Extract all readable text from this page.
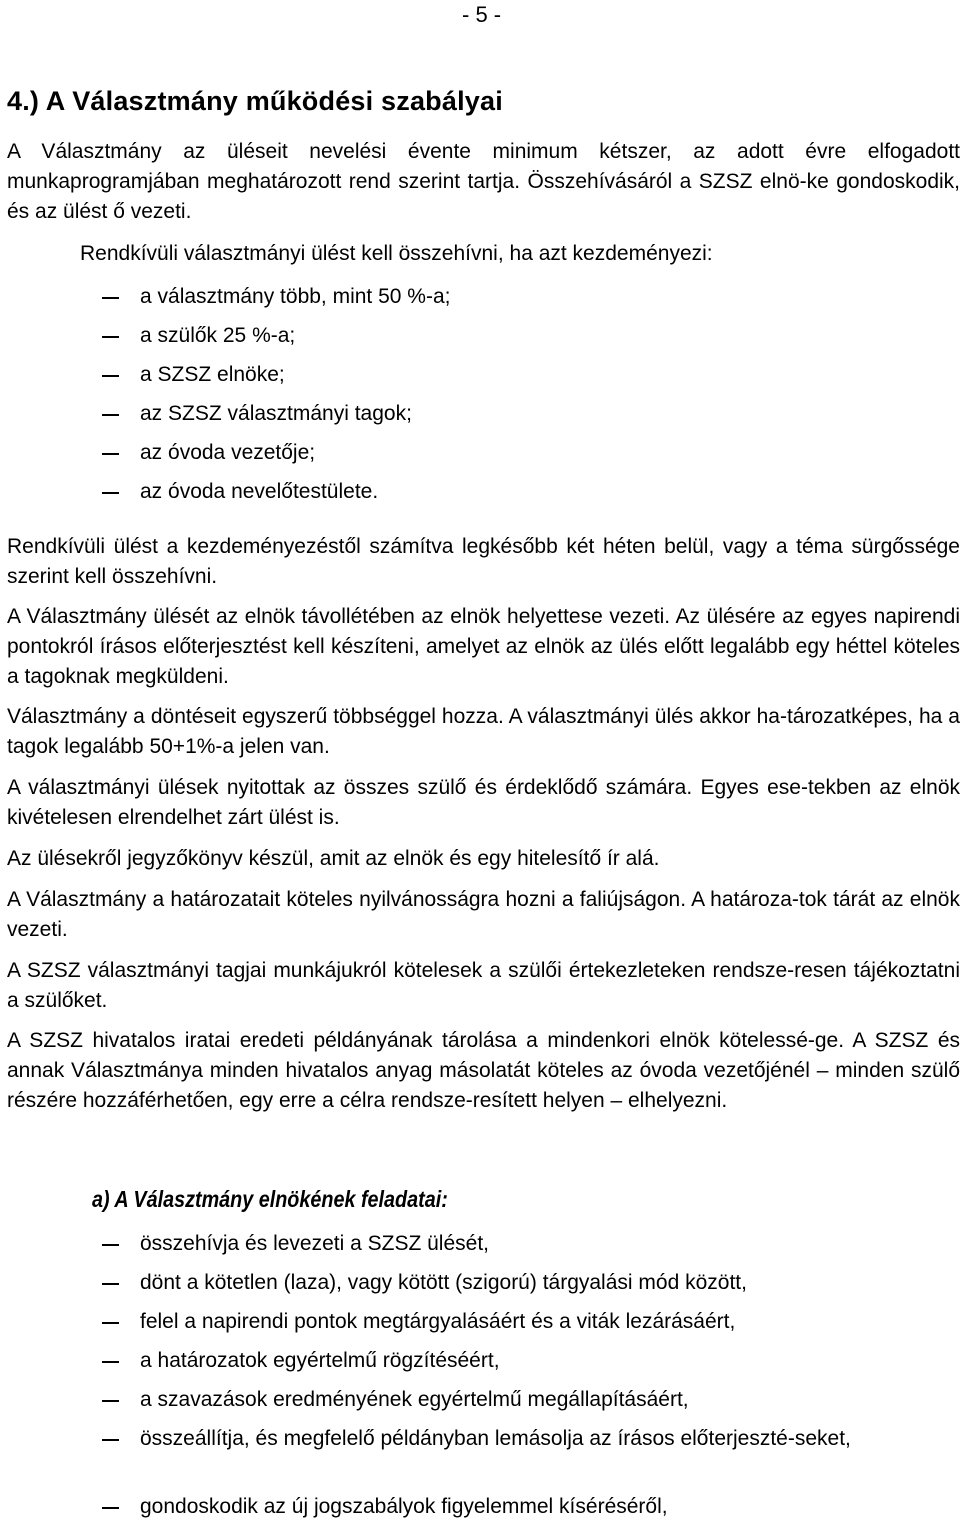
- 5 -
4.) A Választmány működési szabályai
A Választmány az üléseit nevelési évente minimum kétszer, az adott évre elfogadott munkaprogramjában meghatározott rend szerint tartja. Összehívásáról a SZSZ elnö-ke gondoskodik, és az ülést ő vezeti.
Rendkívüli választmányi ülést kell összehívni, ha azt kezdeményezi:
a választmány több, mint 50 %-a;
a szülők 25 %-a;
a SZSZ elnöke;
az SZSZ választmányi tagok;
az óvoda vezetője;
az óvoda nevelőtestülete.
Rendkívüli ülést a kezdeményezéstől számítva legkésőbb két héten belül, vagy a téma sürgőssége szerint kell összehívni.
A Választmány ülését az elnök távollétében az elnök helyettese vezeti. Az ülésére az egyes napirendi pontokról írásos előterjesztést kell készíteni, amelyet az elnök az ülés előtt legalább egy héttel köteles a tagoknak megküldeni.
Választmány a döntéseit egyszerű többséggel hozza. A választmányi ülés akkor ha-tározatképes, ha a tagok legalább 50+1%-a jelen van.
A választmányi ülések nyitottak az összes szülő és érdeklődő számára. Egyes ese-tekben az elnök kivételesen elrendelhet zárt ülést is.
Az ülésekről jegyzőkönyv készül, amit az elnök és egy hitelesítő ír alá.
A Választmány a határozatait köteles nyilvánosságra hozni a faliújságon. A határoza-tok tárát az elnök vezeti.
A SZSZ választmányi tagjai munkájukról kötelesek a szülői értekezleteken rendsze-resen tájékoztatni a szülőket.
A SZSZ hivatalos iratai eredeti példányának tárolása a mindenkori elnök kötelessé-ge. A SZSZ és annak Választmánya minden hivatalos anyag másolatát köteles az óvoda vezetőjénél – minden szülő részére hozzáférhetően, egy erre a célra rendsze-resített helyen – elhelyezni.
a) A Választmány elnökének feladatai:
összehívja és levezeti a SZSZ ülését,
dönt a kötetlen (laza), vagy kötött (szigorú) tárgyalási mód között,
felel a napirendi pontok megtárgyalásáért és a viták lezárásáért,
a határozatok egyértelmű rögzítéséért,
a szavazások eredményének egyértelmű megállapításáért,
összeállítja, és megfelelő példányban lemásolja az írásos előterjeszté-seket,
gondoskodik az új jogszabályok figyelemmel kíséréséről,
